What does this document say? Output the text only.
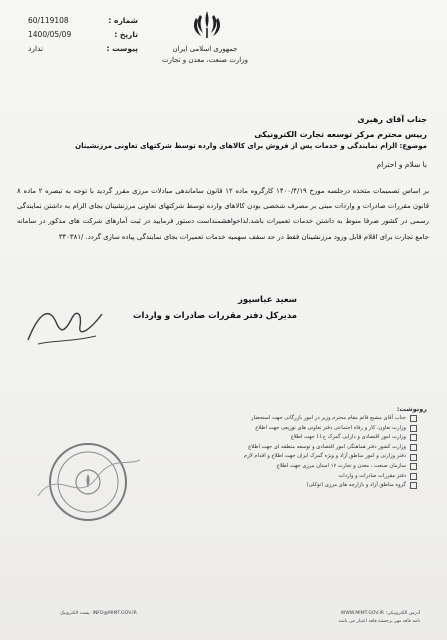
شماره :
60/119108
تاریخ :
1400/05/09
پیوست :
ندارد	جمهوری اسلامی ایران
وزارت صنعت، معدن و تجارت
جناب آقای رهبری
رییس محترم مرکز توسعه تجارت الکترونیکی
موضوع: الزام نمایندگی و خدمات پس از فروش برای کالاهای وارده توسط شرکتهای تعاونی مرزنشینان
با سلام و احترام
بر اساس تصمیمات متخذه درجلسه مورخ ۱۴۰۰/۴/۱۹ کارگروه ماده ۱۲ قانون ساماندهی مبادلات مرزی مقرر گردید با توجه به تبصره ۲ ماده ۸ قانون مقررات صادرات و واردات مبنی بر مصرف شخصی بودن کالاهای وارده توسط شرکتهای تعاونی مرزنشینان بجای الزام به داشتن نمایندگی رسمی در کشور صرفا منوط به داشتن خدمات تعمیرات باشد.لذاخواهشمنداست دستور فرمایید در ثبت آمارهای شرکت های مذکور در سامانه جامع تجارت برای اقلام قابل ورود مرزنشینان فقط در حد سقف سهمیه خدمات تعمیرات بجای نمایندگی پیاده سازی گردد. /۳۴۰۳۸۱
سعید عباسپور
مدیرکل دفتر مقررات صادرات و واردات
رونوشت:
جناب آقای مشیع قائم مقام محترم وزیر در امور بازرگانی جهت استحضار
وزارت تعاون، کار و رفاه اجتماعی دفتر تعاونی های توزیعی جهت اطلاع
وزارت امور اقتصادی و دارایی گمرک ج.ا.ا جهت اطلاع
وزارت کشور دفتر هماهنگی امور اقتصادی و توسعه منطقه ای جهت اطلاع
دفتر وزارتی و امور مناطق آزاد و ویژه گمرک ایران جهت اطلاع و اقدام لازم
سازمان صنعت ، معدن و تجارت ۱۷ استان مرزی جهت اطلاع
دفتر مقررات صادرات و واردات
گروه مناطق آزاد و بازارچه های مرزی (توکلی)
آدرس الکترونیکی: WWW.MIMT.GOV.IR
INFO@MIMT.GOV.IR :پست الکترونیک
نامه فاقد مهر برجسته فاقد اعتبار می باشد
